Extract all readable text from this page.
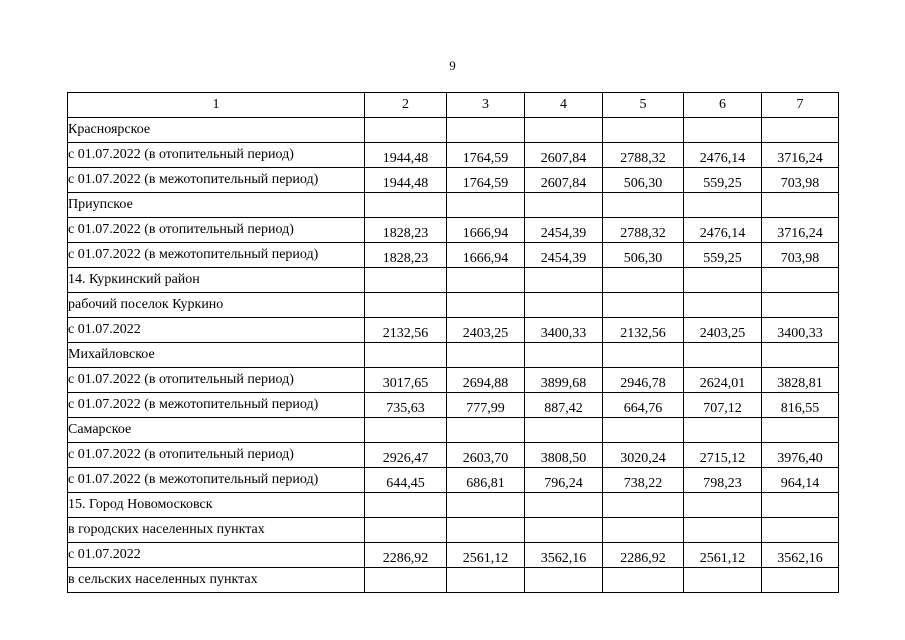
9
1	2	3	4	5	6	7
Красноярское						
с 01.07.2022 (в отопительный период)	1944,48	1764,59	2607,84	2788,32	2476,14	3716,24
с 01.07.2022 (в межотопительный период)	1944,48	1764,59	2607,84	506,30	559,25	703,98
Приупское						
с 01.07.2022 (в отопительный период)	1828,23	1666,94	2454,39	2788,32	2476,14	3716,24
с 01.07.2022 (в межотопительный период)	1828,23	1666,94	2454,39	506,30	559,25	703,98
14. Куркинский район						
рабочий поселок Куркино						
с 01.07.2022	2132,56	2403,25	3400,33	2132,56	2403,25	3400,33
Михайловское						
с 01.07.2022 (в отопительный период)	3017,65	2694,88	3899,68	2946,78	2624,01	3828,81
с 01.07.2022 (в межотопительный период)	735,63	777,99	887,42	664,76	707,12	816,55
Самарское						
с 01.07.2022 (в отопительный период)	2926,47	2603,70	3808,50	3020,24	2715,12	3976,40
с 01.07.2022 (в межотопительный период)	644,45	686,81	796,24	738,22	798,23	964,14
15. Город Новомосковск						
в городских населенных пунктах						
с 01.07.2022	2286,92	2561,12	3562,16	2286,92	2561,12	3562,16
в сельских населенных пунктах						
